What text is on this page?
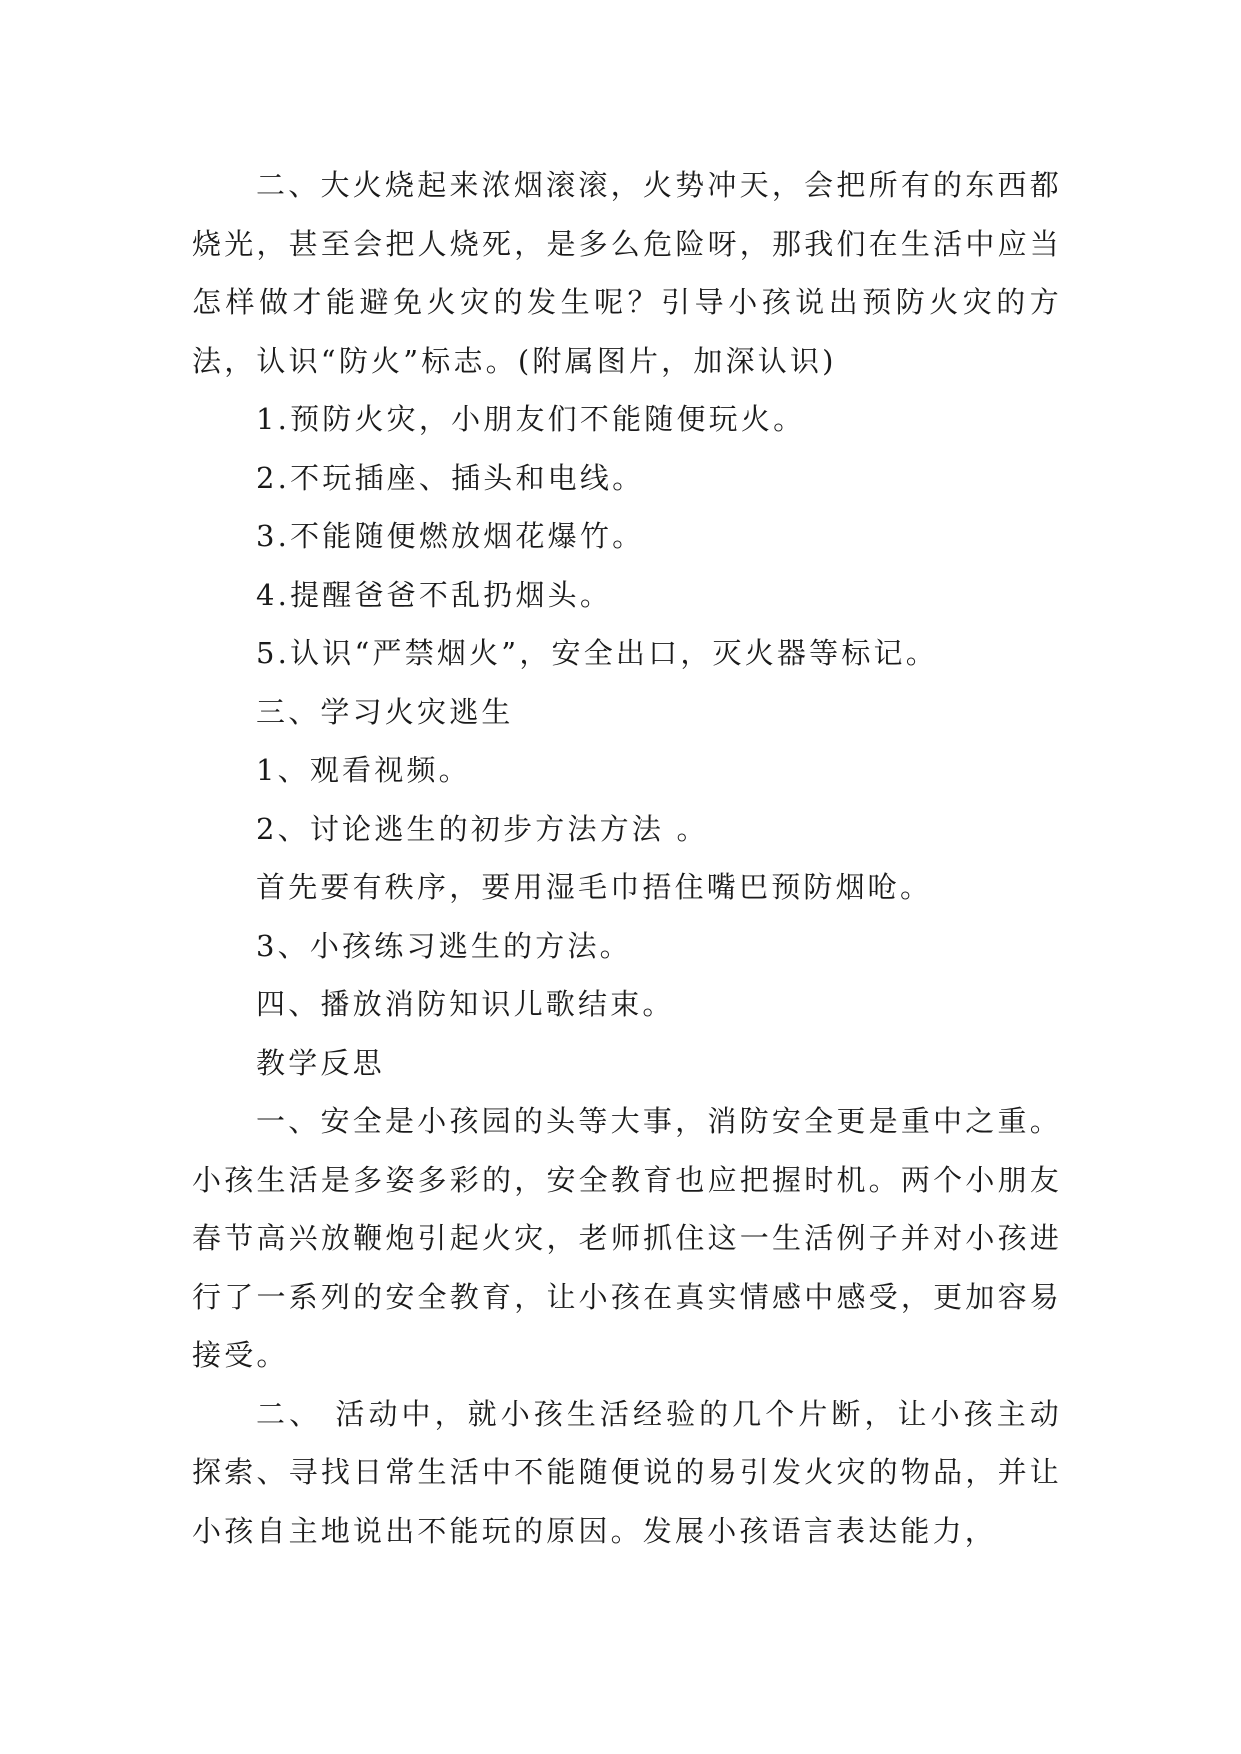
二、大火烧起来浓烟滚滚，火势冲天，会把所有的东西都烧光，甚至会把人烧死，是多么危险呀，那我们在生活中应当怎样做才能避免火灾的发生呢？引导小孩说出预防火灾的方法，认识“防火”标志。(附属图片，加深认识)

1.预防火灾，小朋友们不能随便玩火。

2.不玩插座、插头和电线。

3.不能随便燃放烟花爆竹。

4.提醒爸爸不乱扔烟头。

5.认识“严禁烟火”，安全出口，灭火器等标记。

三、学习火灾逃生

1、观看视频。

2、讨论逃生的初步方法方法 。

首先要有秩序，要用湿毛巾捂住嘴巴预防烟呛。

3、小孩练习逃生的方法。

四、播放消防知识儿歌结束。

教学反思

一、安全是小孩园的头等大事，消防安全更是重中之重。小孩生活是多姿多彩的，安全教育也应把握时机。两个小朋友春节高兴放鞭炮引起火灾，老师抓住这一生活例子并对小孩进行了一系列的安全教育，让小孩在真实情感中感受，更加容易接受。

二、 活动中，就小孩生活经验的几个片断，让小孩主动探索、寻找日常生活中不能随便说的易引发火灾的物品，并让小孩自主地说出不能玩的原因。发展小孩语言表达能力，
